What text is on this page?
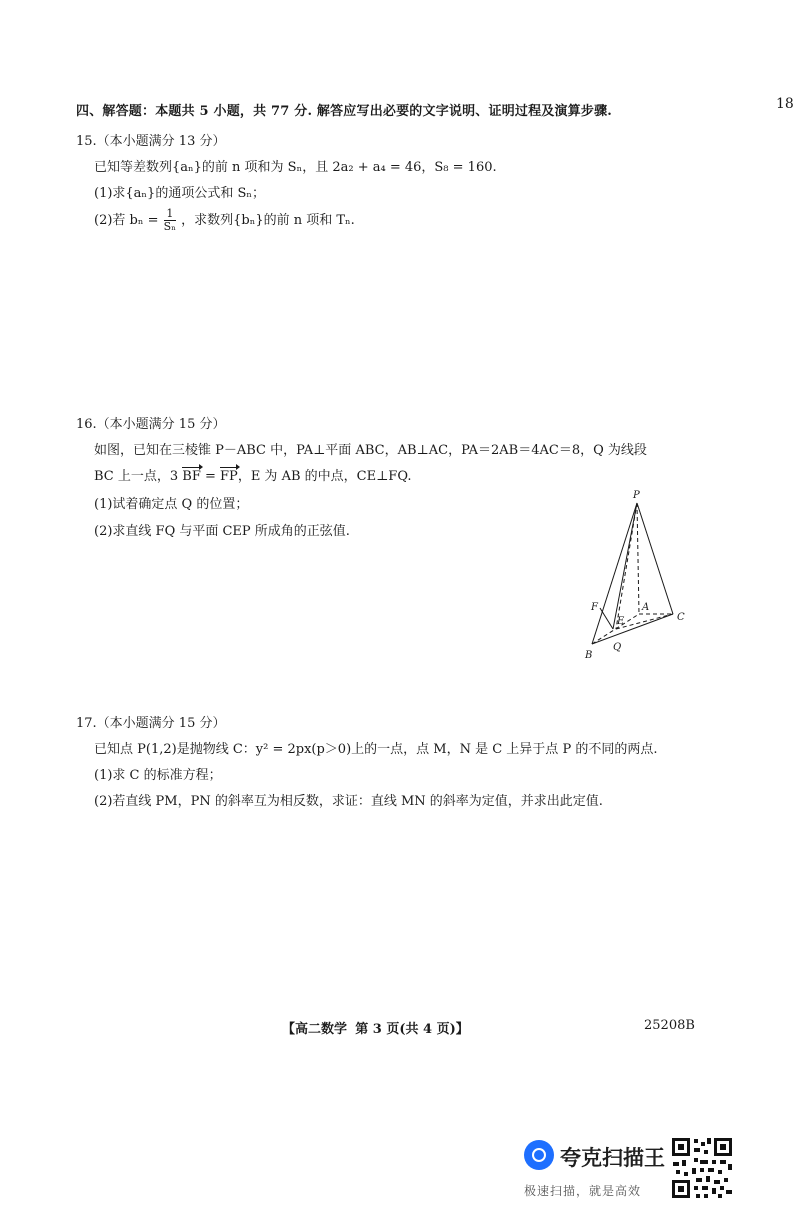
18
四、解答题：本题共 5 小题，共 77 分. 解答应写出必要的文字说明、证明过程及演算步骤.
15.（本小题满分 13 分）
已知等差数列{aₙ}的前 n 项和为 Sₙ，且 2a₂ + a₄ = 46，S₈ = 160.
(1)求{aₙ}的通项公式和 Sₙ；
(2)若 $b_n = \frac{1}{\text{Sₙ}}$ ，求数列{bₙ}的前 n 项和 Tₙ.
16.（本小题满分 15 分）
如图，已知在三棱锥 P－ABC 中，PA⊥平面 ABC，AB⊥AC，PA＝2AB＝4AC＝8，Q 为线段
BC 上一点，3 BF = FP，E 为 AB 的中点，CE⊥FQ.
(1)试着确定点 Q 的位置；
(2)求直线 FQ 与平面 CEP 所成角的正弦值.
P
F
E
A
C
B
Q
17.（本小题满分 15 分）
已知点 P(1,2)是抛物线 C：y² = 2px(p＞0)上的一点，点 M，N 是 C 上异于点 P 的不同的两点.
(1)求 C 的标准方程；
(2)若直线 PM，PN 的斜率互为相反数，求证：直线 MN 的斜率为定值，并求出此定值.
【高二数学 第 3 页(共 4 页)】	25208B
夸克扫描王
极速扫描，就是高效
